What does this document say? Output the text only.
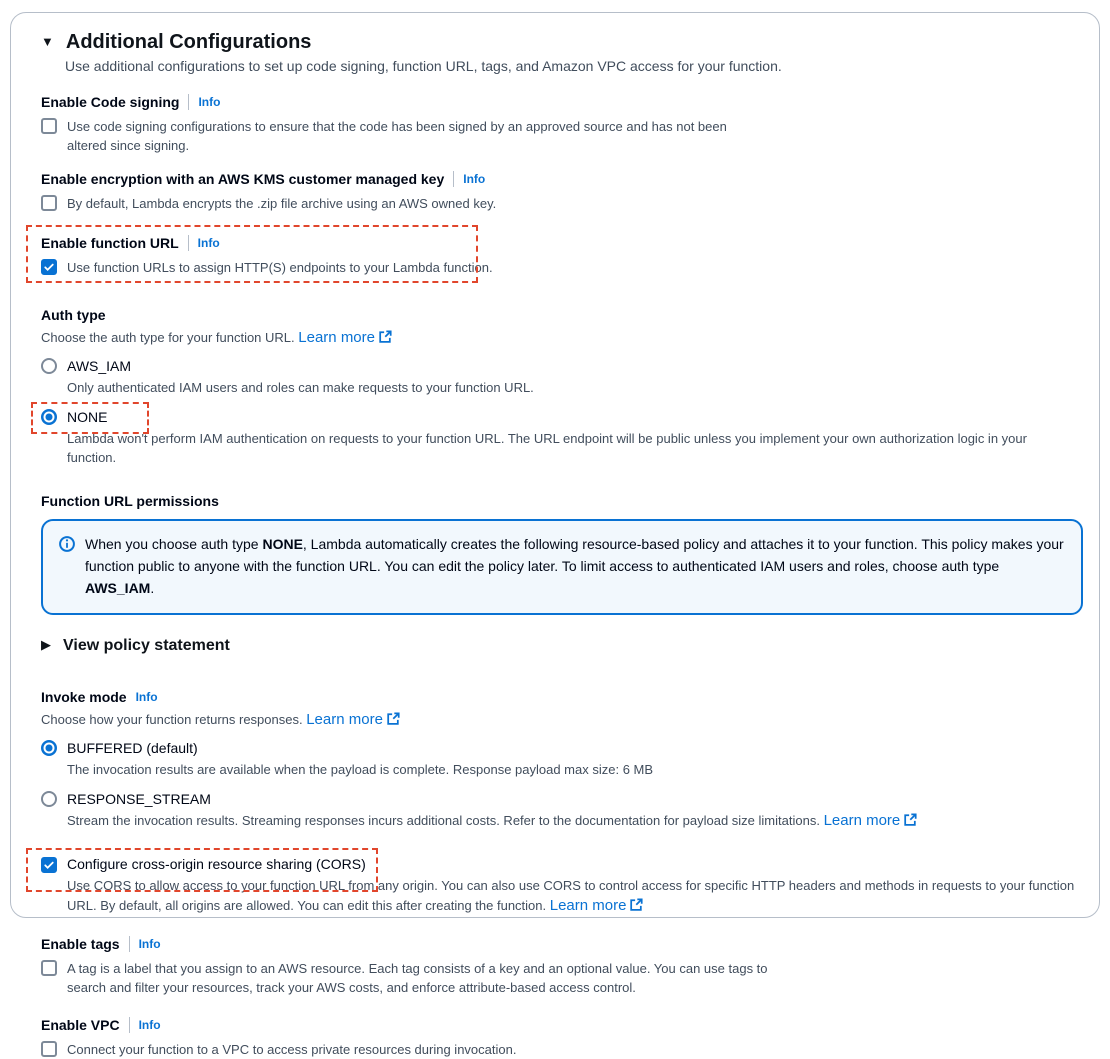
▼ Additional Configurations
Use additional configurations to set up code signing, function URL, tags, and Amazon VPC access for your function.
Enable Code signing Info
Use code signing configurations to ensure that the code has been signed by an approved source and has not been altered since signing.
Enable encryption with an AWS KMS customer managed key Info
By default, Lambda encrypts the .zip file archive using an AWS owned key.
Enable function URL Info
Use function URLs to assign HTTP(S) endpoints to your Lambda function.
Auth type
Choose the auth type for your function URL. Learn more
AWS_IAM
Only authenticated IAM users and roles can make requests to your function URL.
NONE
Lambda won't perform IAM authentication on requests to your function URL. The URL endpoint will be public unless you implement your own authorization logic in your function.
Function URL permissions
When you choose auth type NONE, Lambda automatically creates the following resource-based policy and attaches it to your function. This policy makes your function public to anyone with the function URL. You can edit the policy later. To limit access to authenticated IAM users and roles, choose auth type AWS_IAM.
▶ View policy statement
Invoke mode Info
Choose how your function returns responses. Learn more
BUFFERED (default)
The invocation results are available when the payload is complete. Response payload max size: 6 MB
RESPONSE_STREAM
Stream the invocation results. Streaming responses incurs additional costs. Refer to the documentation for payload size limitations. Learn more
Configure cross-origin resource sharing (CORS)
Use CORS to allow access to your function URL from any origin. You can also use CORS to control access for specific HTTP headers and methods in requests to your function URL. By default, all origins are allowed. You can edit this after creating the function. Learn more
Enable tags Info
A tag is a label that you assign to an AWS resource. Each tag consists of a key and an optional value. You can use tags to search and filter your resources, track your AWS costs, and enforce attribute-based access control.
Enable VPC Info
Connect your function to a VPC to access private resources during invocation.
